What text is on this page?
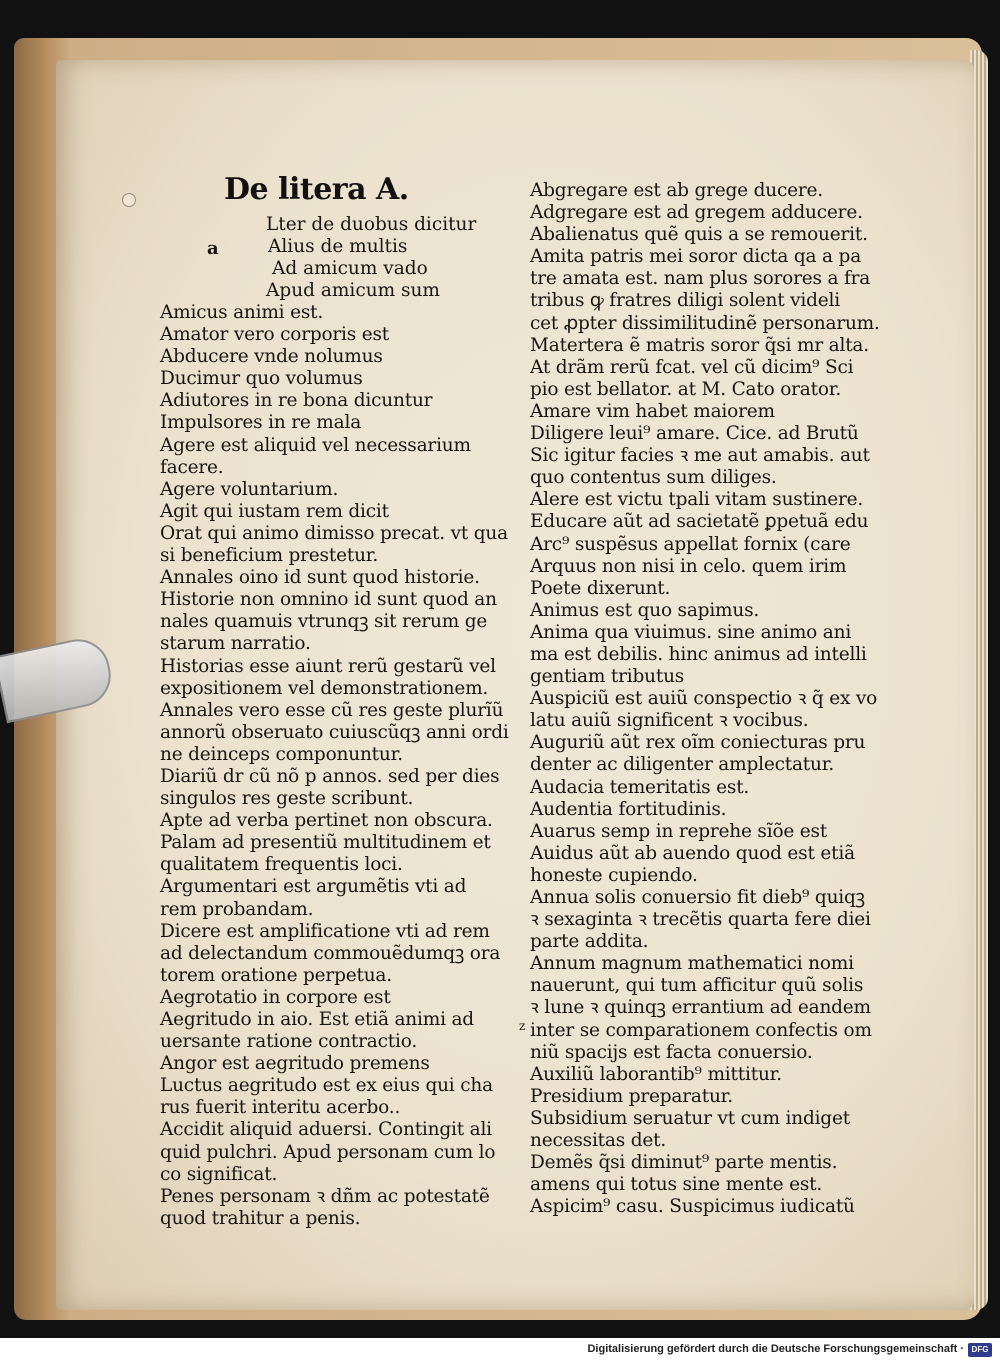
De litera A.
a
Lter de duobus dicitur
Alius de multis
Ad amicum vado
Apud amicum sum
Amicus animi est.
Amator vero corporis est
Abducere vnde nolumus
Ducimur quo volumus
Adiutores in re bona dicuntur
Impulsores in re mala
Agere est aliquid vel necessarium
facere.
Agere voluntarium.
Agit qui iustam rem dicit
Orat qui animo dimisso precat. vt qua
si beneficium prestetur.
Annales oino id sunt quod historie.
Historie non omnino id sunt quod an
nales quamuis vtrunqꝫ sit rerum ge
starum narratio.
Historias esse aiunt rerũ gestarũ vel
expositionem vel demonstrationem.
Annales vero esse cũ res geste plurĩũ
annorũ obseruato cuiuscũqꝫ anni ordi
ne deinceps componuntur.
Diariũ dr cũ nõ p annos. sed per dies
singulos res geste scribunt.
Apte ad verba pertinet non obscura.
Palam ad presentiũ multitudinem et
qualitatem frequentis loci.
Argumentari est argumẽtis vti ad
rem probandam.
Dicere est amplificatione vti ad rem
ad delectandum commouẽdumqꝫ ora
torem oratione perpetua.
Aegrotatio in corpore est
Aegritudo in aio. Est etiã animi ad
uersante ratione contractio.
Angor est aegritudo premens
Luctus aegritudo est ex eius qui cha
rus fuerit interitu acerbo..
Accidit aliquid aduersi. Contingit ali
quid pulchri. Apud personam cum lo
co significat.
Penes personam ꝛ dñm ac potestatẽ
quod trahitur a penis.
Abgregare est ab grege ducere.
Adgregare est ad gregem adducere.
Abalienatus quẽ quis a se remouerit.
Amita patris mei soror dicta qa a pa
tre amata est. nam plus sorores a fra
tribus ꝙ fratres diligi solent videli
cet ꝓpter dissimilitudinẽ personarum.
Matertera ẽ matris soror q̃si mr alta.
At drãm rerũ fcat. vel cũ dicim⁹ Sci
pio est bellator. at M. Cato orator.
Amare vim habet maiorem
Diligere leui⁹ amare. Cice. ad Brutũ
Sic igitur facies ꝛ me aut amabis. aut
quo contentus sum diliges.
Alere est victu tpali vitam sustinere.
Educare aũt ad sacietatẽ ꝑpetuã edu
Arc⁹ suspẽsus appellat fornix (care
Arquus non nisi in celo. quem irim
Poete dixerunt.
Animus est quo sapimus.
Anima qua viuimus. sine animo ani
ma est debilis. hinc animus ad intelli
gentiam tributus
Auspiciũ est auiũ conspectio ꝛ q̃ ex vo
latu auiũ significent ꝛ vocibus.
Auguriũ aũt rex oĩm coniecturas pru
denter ac diligenter amplectatur.
Audacia temeritatis est.
Audentia fortitudinis.
Auarus semp in reprehe sĩõe est
Auidus aũt ab auendo quod est etiã
honeste cupiendo.
Annua solis conuersio fit dieb⁹ quiqꝫ
ꝛ sexaginta ꝛ trecẽtis quarta fere diei
parte addita.
Annum magnum mathematici nomi
nauerunt, qui tum afficitur quũ solis
ꝛ lune ꝛ quinqꝫ errantium ad eandem
inter se comparationem confectis om
niũ spacijs est facta conuersio.
Auxiliũ laborantib⁹ mittitur.
Presidium preparatur.
Subsidium seruatur vt cum indiget
necessitas det.
Demẽs q̃si diminut⁹ parte mentis.
amens qui totus sine mente est.
Aspicim⁹ casu. Suspicimus iudicatũ
z
Digitalisierung gefördert durch die Deutsche Forschungsgemeinschaft · DFG
